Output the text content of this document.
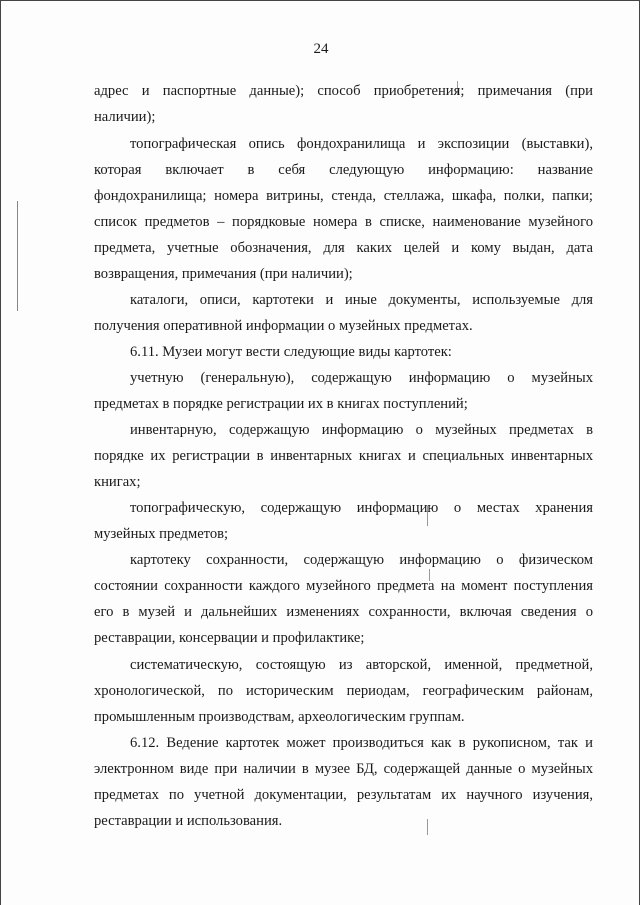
24
адрес и паспортные данные); способ приобретения; примечания (при
наличии);
топографическая опись фондохранилища и экспозиции (выставки),
которая включает в себя следующую информацию: название
фондохранилища; номера витрины, стенда, стеллажа, шкафа, полки, папки;
список предметов – порядковые номера в списке, наименование музейного
предмета, учетные обозначения, для каких целей и кому выдан, дата
возвращения, примечания (при наличии);
каталоги, описи, картотеки и иные документы, используемые для
получения оперативной информации о музейных предметах.
6.11. Музеи могут вести следующие виды картотек:
учетную (генеральную), содержащую информацию о музейных
предметах в порядке регистрации их в книгах поступлений;
инвентарную, содержащую информацию о музейных предметах в
порядке их регистрации в инвентарных книгах и специальных инвентарных
книгах;
топографическую, содержащую информацию о местах хранения
музейных предметов;
картотеку сохранности, содержащую информацию о физическом
состоянии сохранности каждого музейного предмета на момент поступления
его в музей и дальнейших изменениях сохранности, включая сведения о
реставрации, консервации и профилактике;
систематическую, состоящую из авторской, именной, предметной,
хронологической, по историческим периодам, географическим районам,
промышленным производствам, археологическим группам.
6.12. Ведение картотек может производиться как в рукописном, так и
электронном виде при наличии в музее БД, содержащей данные о музейных
предметах по учетной документации, результатам их научного изучения,
реставрации и использования.
